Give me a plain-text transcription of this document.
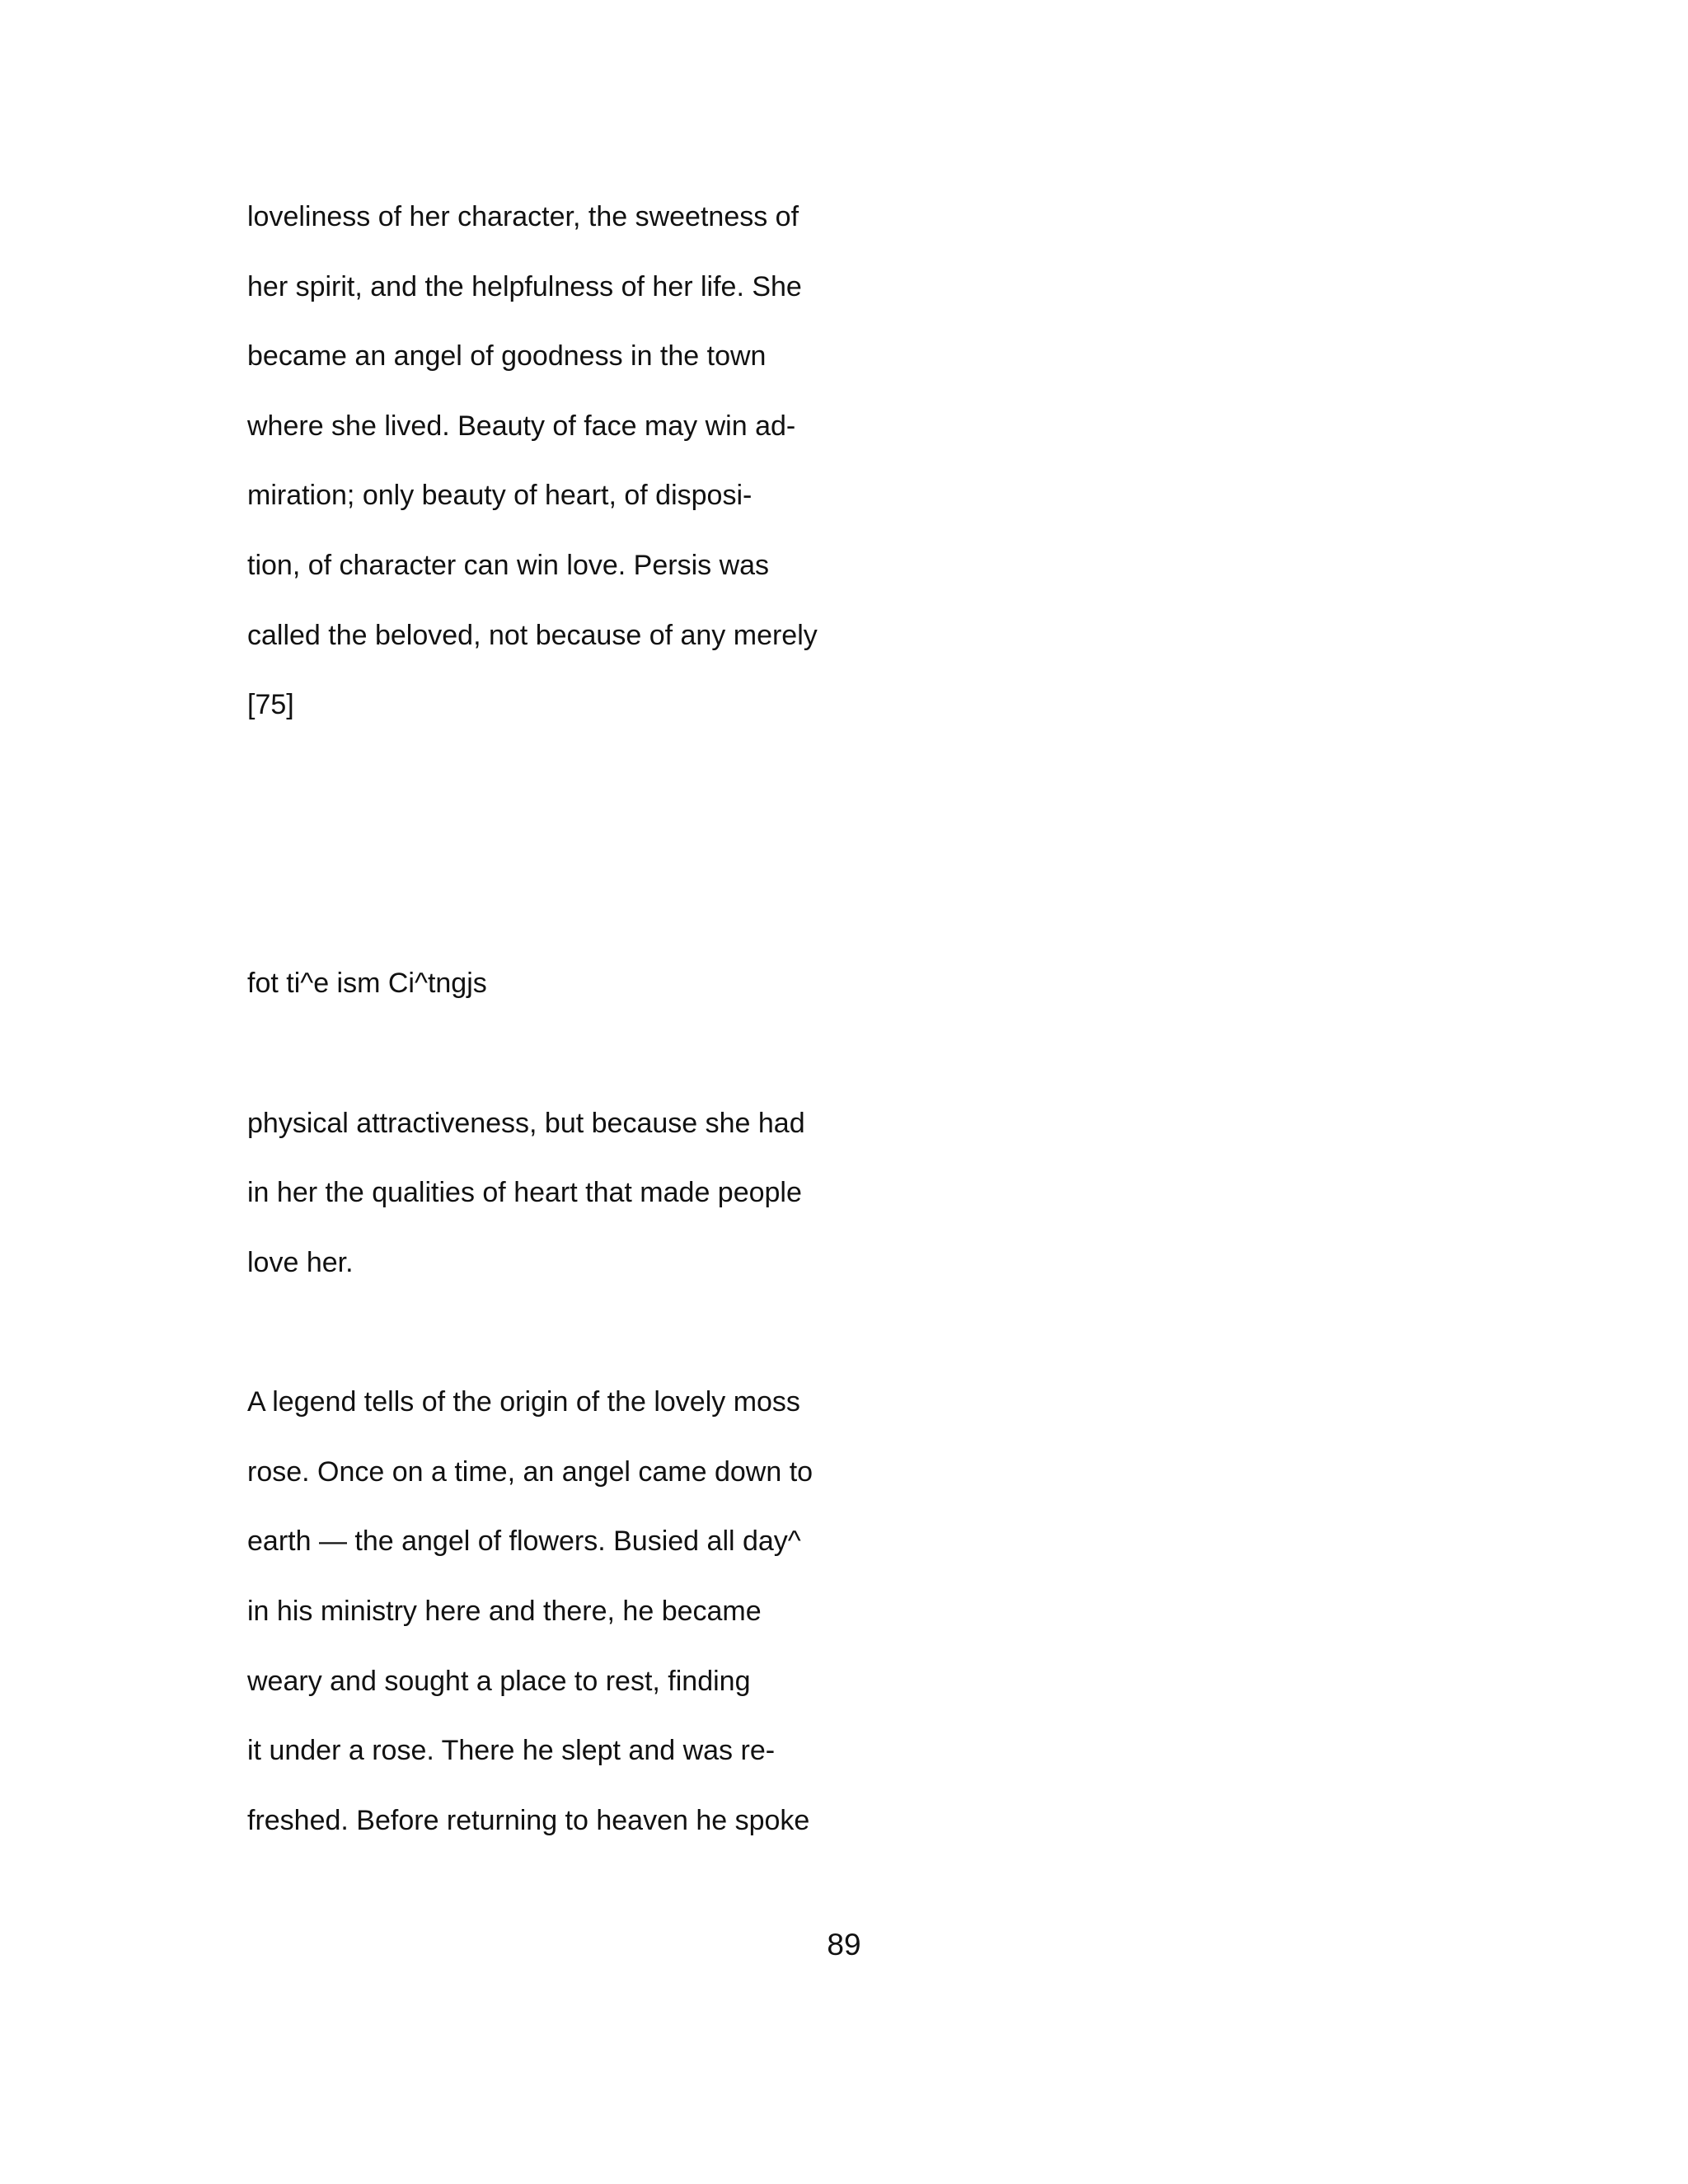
loveliness of her character, the sweetness of
her spirit, and the helpfulness of her life. She
became an angel of goodness in the town
where she lived. Beauty of face may win ad-
miration; only beauty of heart, of disposi-
tion, of character can win love. Persis was
called the beloved, not because of any merely
[75]
fot ti^e ism Ci^tngjs
physical attractiveness, but because she had
in her the qualities of heart that made people
love her.
A legend tells of the origin of the lovely moss
rose. Once on a time, an angel came down to
earth — the angel of flowers. Busied all day^
in his ministry here and there, he became
weary and sought a place to rest, finding
it under a rose. There he slept and was re-
freshed. Before returning to heaven he spoke
89
